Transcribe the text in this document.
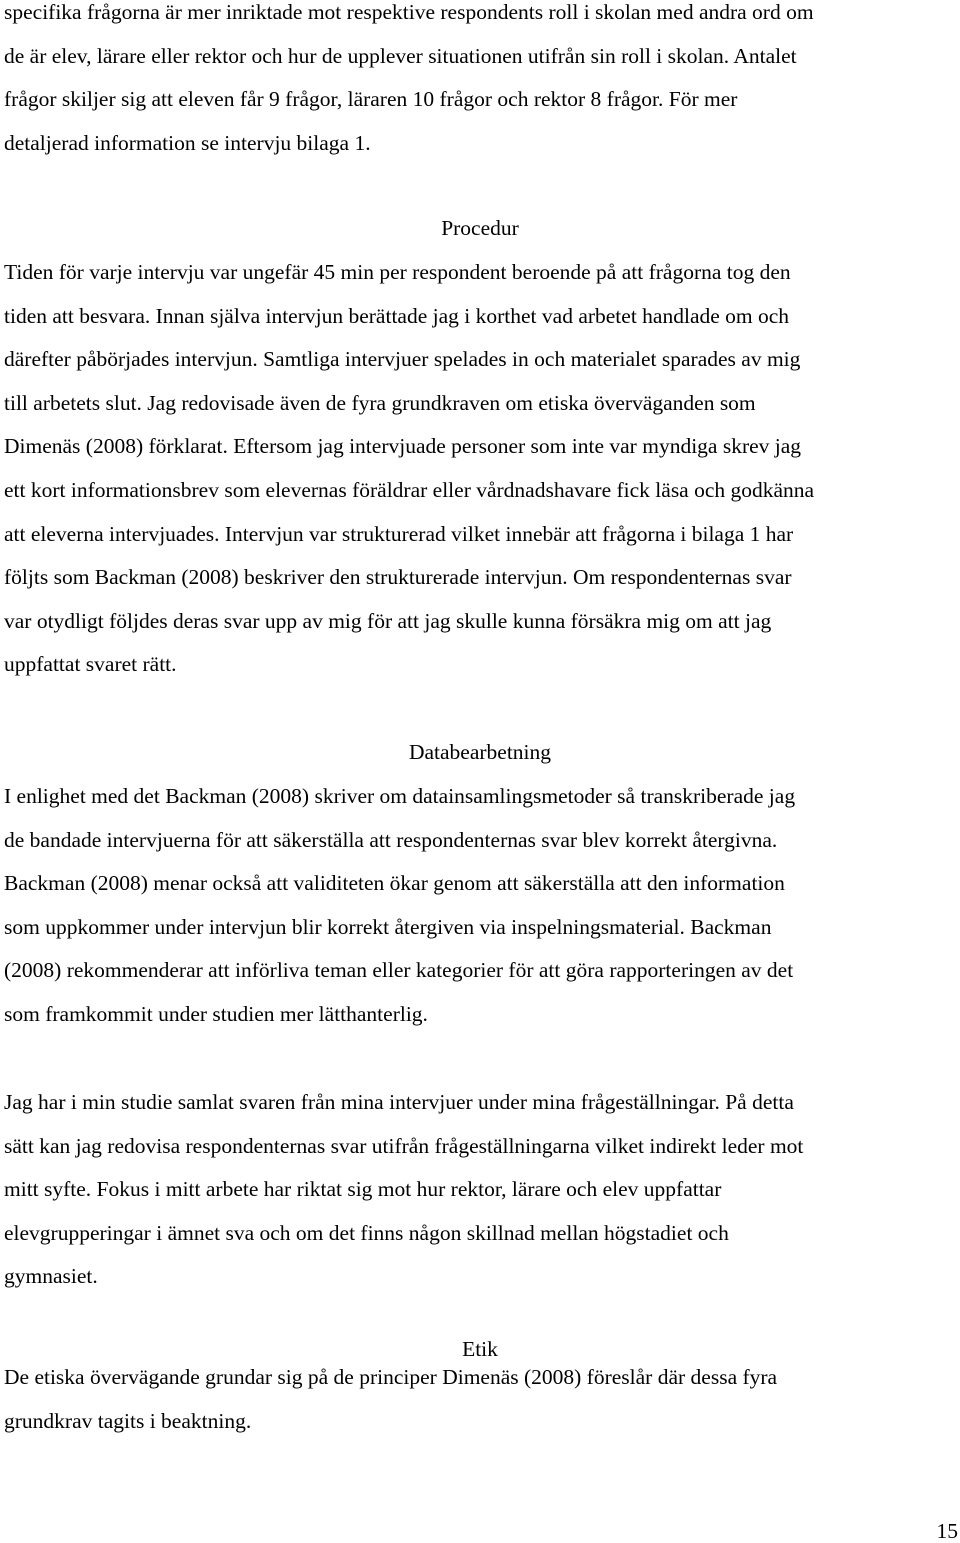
specifika frågorna är mer inriktade mot respektive respondents roll i skolan med andra ord om
de är elev, lärare eller rektor och hur de upplever situationen utifrån sin roll i skolan. Antalet
frågor skiljer sig att eleven får 9 frågor, läraren 10 frågor och rektor 8 frågor. För mer
detaljerad information se intervju bilaga 1.
Procedur
Tiden för varje intervju var ungefär 45 min per respondent beroende på att frågorna tog den
tiden att besvara. Innan själva intervjun berättade jag i korthet vad arbetet handlade om och
därefter påbörjades intervjun. Samtliga intervjuer spelades in och materialet sparades av mig
till arbetets slut. Jag redovisade även de fyra grundkraven om etiska överväganden som
Dimenäs (2008) förklarat. Eftersom jag intervjuade personer som inte var myndiga skrev jag
ett kort informationsbrev som elevernas föräldrar eller vårdnadshavare fick läsa och godkänna
att eleverna intervjuades. Intervjun var strukturerad vilket innebär att frågorna i bilaga 1 har
följts som Backman (2008) beskriver den strukturerade intervjun. Om respondenternas svar
var otydligt följdes deras svar upp av mig för att jag skulle kunna försäkra mig om att jag
uppfattat svaret rätt.
Databearbetning
I enlighet med det Backman (2008) skriver om datainsamlingsmetoder så transkriberade jag
de bandade intervjuerna för att säkerställa att respondenternas svar blev korrekt återgivna.
Backman (2008) menar också att validiteten ökar genom att säkerställa att den information
som uppkommer under intervjun blir korrekt återgiven via inspelningsmaterial. Backman
(2008) rekommenderar att införliva teman eller kategorier för att göra rapporteringen av det
som framkommit under studien mer lätthanterlig.
Jag har i min studie samlat svaren från mina intervjuer under mina frågeställningar. På detta
sätt kan jag redovisa respondenternas svar utifrån frågeställningarna vilket indirekt leder mot
mitt syfte. Fokus i mitt arbete har riktat sig mot hur rektor, lärare och elev uppfattar
elevgrupperingar i ämnet sva och om det finns någon skillnad mellan högstadiet och
gymnasiet.
Etik
De etiska övervägande grundar sig på de principer Dimenäs (2008) föreslår där dessa fyra
grundkrav tagits i beaktning.
15
